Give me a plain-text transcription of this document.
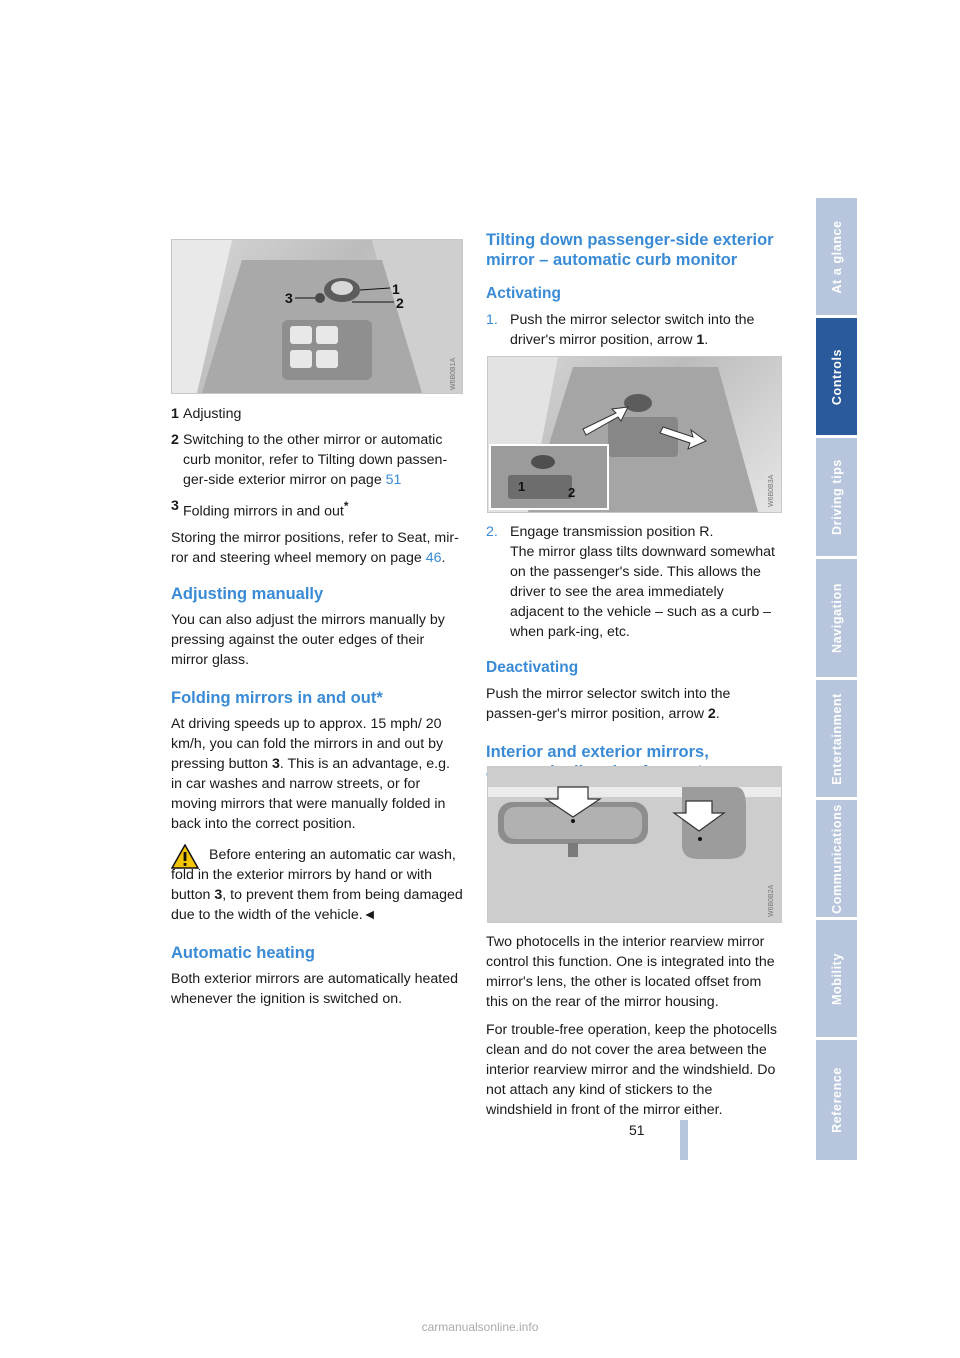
3
1
2
W6B0B1A
1 Adjusting
2 Switching to the other mirror or automatic curb monitor, refer to Tilting down passen-ger-side exterior mirror on page 51
3 Folding mirrors in and out*

Storing the mirror positions, refer to Seat, mir-ror and steering wheel memory on page 46.

Adjusting manually

You can also adjust the mirrors manually by pressing against the outer edges of their mirror glass.

Folding mirrors in and out*

At driving speeds up to approx. 15 mph/ 20 km/h, you can fold the mirrors in and out by pressing button 3. This is an advantage, e.g. in car washes and narrow streets, or for moving mirrors that were manually folded in back into the correct position.

Before entering an automatic car wash, fold in the exterior mirrors by hand or with button 3, to prevent them from being damaged due to the width of the vehicle.◄

Automatic heating

Both exterior mirrors are automatically heated whenever the ignition is switched on.

Tilting down passenger-side exterior mirror – automatic curb monitor
Activating
1. Push the mirror selector switch into the driver's mirror position, arrow 1.
1	2	W6B0B3A
2. Engage transmission position R.
The mirror glass tilts downward somewhat on the passenger's side. This allows the driver to see the area immediately adjacent to the vehicle – such as a curb – when park-ing, etc.
Deactivating

Push the mirror selector switch into the passen-ger's mirror position, arrow 2.

Interior and exterior mirrors,
W6B0B2A

Two photocells in the interior rearview mirror control this function. One is integrated into the mirror's lens, the other is located offset from this on the rear of the mirror housing.

For trouble-free operation, keep the photocells clean and do not cover the area between the interior rearview mirror and the windshield. Do not attach any kind of stickers to the windshield in front of the mirror either.

At a glance
Controls
Driving tips
Navigation
Entertainment
Communications
Mobility
Reference
51
carmanualsonline.info
